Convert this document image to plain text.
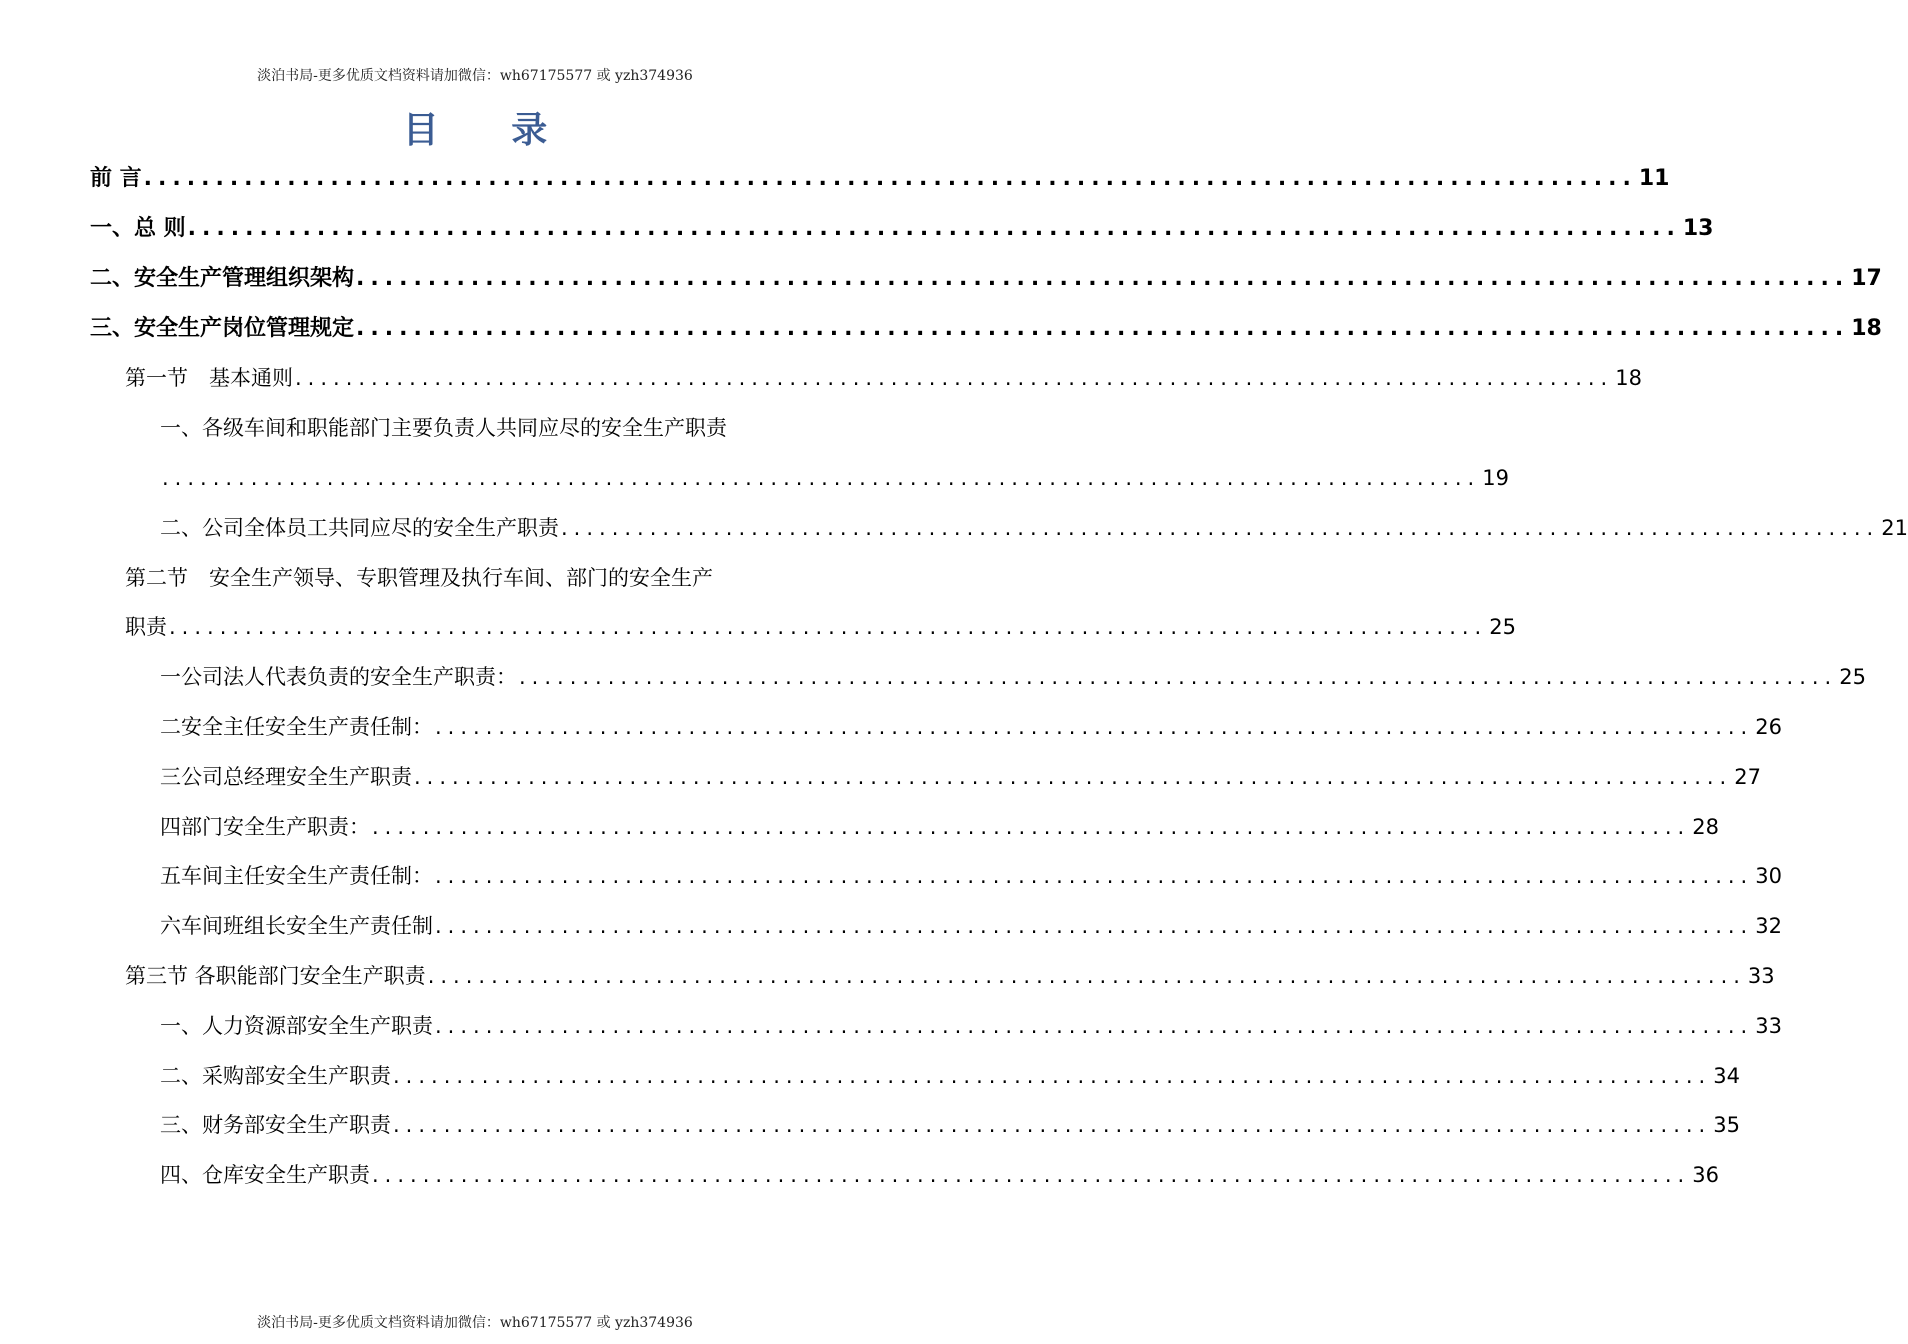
淡泊书局-更多优质文档资料请加微信：wh67175577 或 yzh374936
目 录
前 言 ........................................................................................................ 11
一、总 则 ........................................................................................................ 13
二、安全生产管理组织架构 ........................................................................................................ 17
三、安全生产岗位管理规定 ........................................................................................................ 18
第一节　基本通则 ........................................................................................................ 18
一、各级车间和职能部门主要负责人共同应尽的安全生产职责
........................................................................................................ 19
二、公司全体员工共同应尽的安全生产职责 ........................................................................................................ 21
第二节　安全生产领导、专职管理及执行车间、部门的安全生产
职责 ........................................................................................................ 25
一公司法人代表负责的安全生产职责： ........................................................................................................ 25
二安全主任安全生产责任制： ........................................................................................................ 26
三公司总经理安全生产职责 ........................................................................................................ 27
四部门安全生产职责： ........................................................................................................ 28
五车间主任安全生产责任制： ........................................................................................................ 30
六车间班组长安全生产责任制 ........................................................................................................ 32
第三节 各职能部门安全生产职责 ........................................................................................................ 33
一、人力资源部安全生产职责 ........................................................................................................ 33
二、采购部安全生产职责 ........................................................................................................ 34
三、财务部安全生产职责 ........................................................................................................ 35
四、仓库安全生产职责 ........................................................................................................ 36
淡泊书局-更多优质文档资料请加微信：wh67175577 或 yzh374936
